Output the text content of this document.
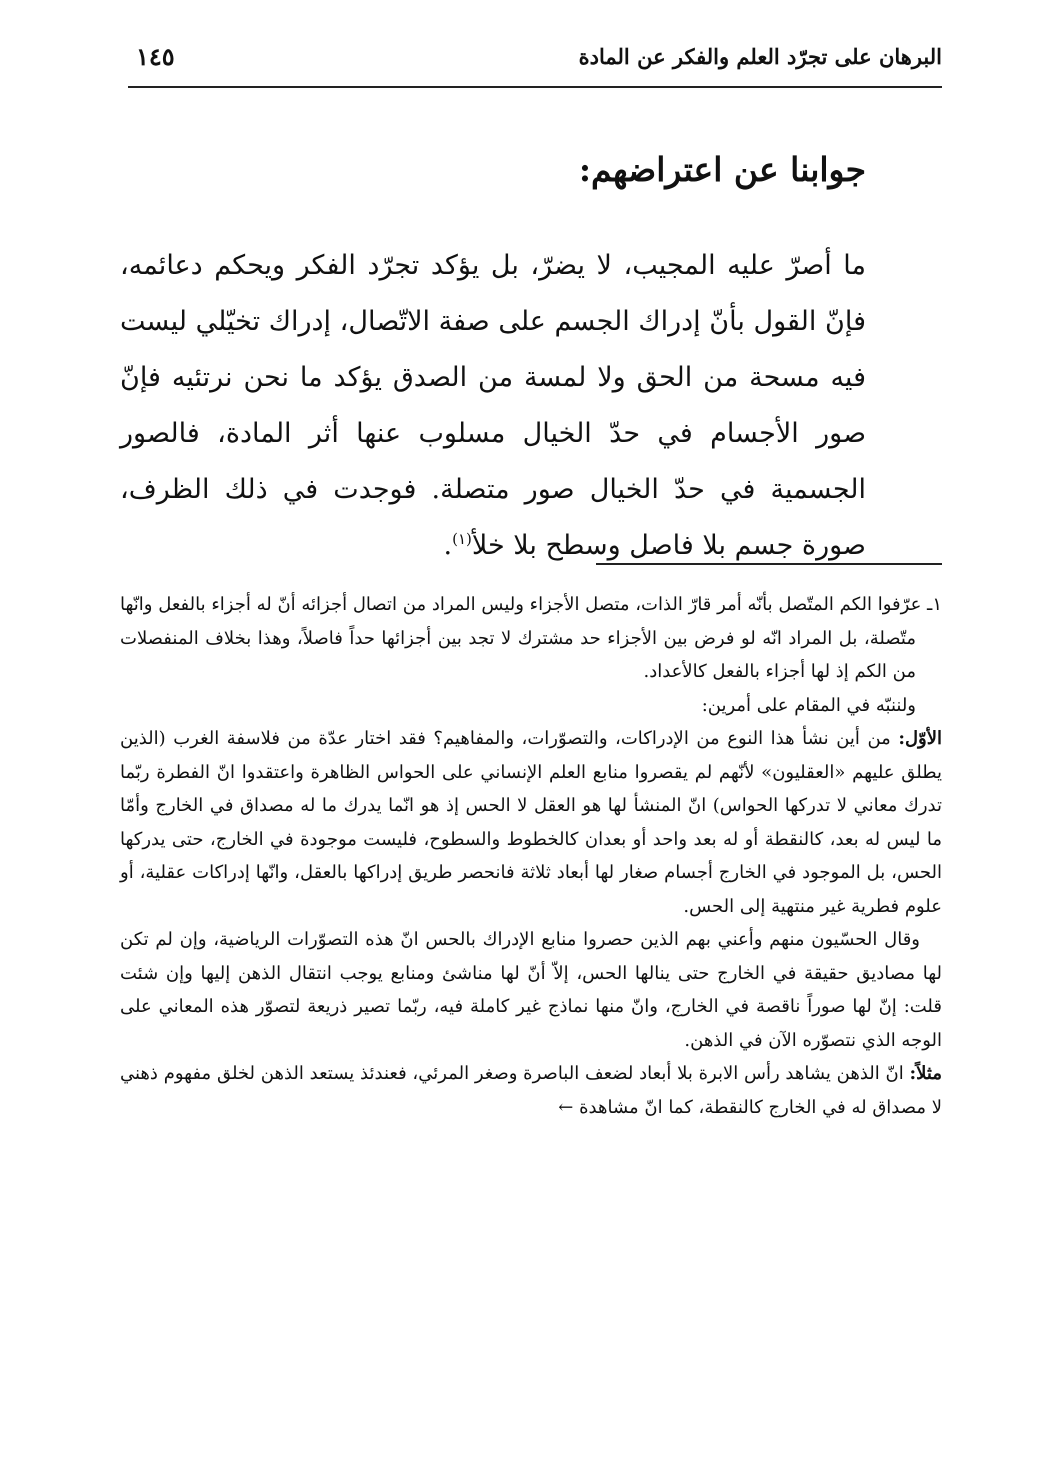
البرهان على تجرّد العلم والفكر عن المادة
١٤٥
جوابنا عن اعتراضهم:

ما أصرّ عليه المجيب، لا يضرّ، بل يؤكد تجرّد الفكر ويحكم دعائمه، فإنّ القول بأنّ إدراك الجسم على صفة الاتّصال، إدراك تخيّلي ليست فيه مسحة من الحق ولا لمسة من الصدق يؤكد ما نحن نرتئيه فإنّ صور الأجسام في حدّ الخيال مسلوب عنها أثر المادة، فالصور الجسمية في حدّ الخيال صور متصلة. فوجدت في ذلك الظرف، صورة جسم بلا فاصل وسطح بلا خلأ$^{(١)}$.

١ـ عرّفوا الكم المتّصل بأنّه أمر قارّ الذات، متصل الأجزاء وليس المراد من اتصال أجزائه أنّ له أجزاء بالفعل وانّها متّصلة، بل المراد انّه لو فرض بين الأجزاء حد مشترك لا تجد بين أجزائها حداً فاصلاً، وهذا بخلاف المنفصلات من الكم إذ لها أجزاء بالفعل كالأعداد.

ولننبّه في المقام على أمرين:

الأوّل: من أين نشأ هذا النوع من الإدراكات، والتصوّرات، والمفاهيم؟ فقد اختار عدّة من فلاسفة الغرب (الذين يطلق عليهم «العقليون» لأنّهم لم يقصروا منابع العلم الإنساني على الحواس الظاهرة واعتقدوا انّ الفطرة ربّما تدرك معاني لا تدركها الحواس) انّ المنشأ لها هو العقل لا الحس إذ هو انّما يدرك ما له مصداق في الخارج وأمّا ما ليس له بعد، كالنقطة أو له بعد واحد أو بعدان كالخطوط والسطوح، فليست موجودة في الخارج، حتى يدركها الحس، بل الموجود في الخارج أجسام صغار لها أبعاد ثلاثة فانحصر طريق إدراكها بالعقل، وانّها إدراكات عقلية، أو علوم فطرية غير منتهية إلى الحس.

وقال الحسّيون منهم وأعني بهم الذين حصروا منابع الإدراك بالحس انّ هذه التصوّرات الرياضية، وإن لم تكن لها مصاديق حقيقة في الخارج حتى ينالها الحس، إلاّ أنّ لها مناشئ ومنابع يوجب انتقال الذهن إليها وإن شئت قلت: إنّ لها صوراً ناقصة في الخارج، وانّ منها نماذج غير كاملة فيه، ربّما تصير ذريعة لتصوّر هذه المعاني على الوجه الذي نتصوّره الآن في الذهن.

مثلاً: انّ الذهن يشاهد رأس الابرة بلا أبعاد لضعف الباصرة وصغر المرئي، فعندئذ يستعد الذهن لخلق مفهوم ذهني لا مصداق له في الخارج كالنقطة، كما انّ مشاهدة ←
